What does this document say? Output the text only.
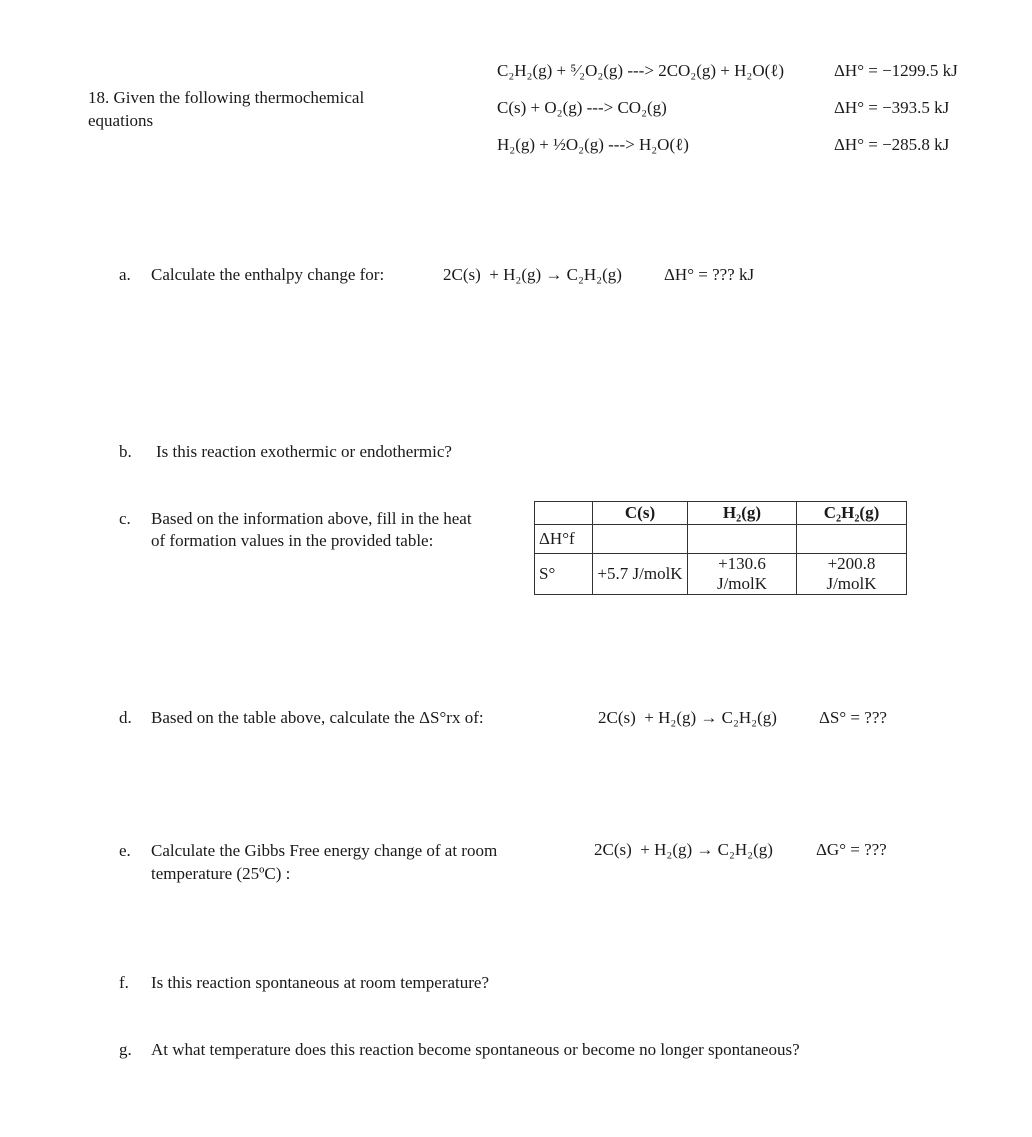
18. Given the following thermochemical equations
C₂H₂(g) + ⁵⁄₂O₂(g) ---> 2CO₂(g) + H₂O(ℓ)	ΔH° = −1299.5 kJ
C(s) + O₂(g) ---> CO₂(g)	ΔH° = −393.5 kJ
H₂(g) + ½O₂(g) ---> H₂O(ℓ)	ΔH° = −285.8 kJ
a. Calculate the enthalpy change for:	2C(s)  + H₂(g) → C₂H₂(g) ΔH° = ??? kJ
b. Is this reaction exothermic or endothermic?
c. Based on the information above, fill in the heat
of formation values in the provided table:
	C(s)	H₂(g)	C₂H₂(g)
ΔH°f			
S°	+5.7 J/molK	+130.6 J/molK	+200.8 J/molK
d. Based on the table above, calculate the ΔS°rx of:	2C(s)  + H₂(g) → C₂H₂(g) ΔS° = ???
e. Calculate the Gibbs Free energy change of at room
temperature (25ºC) :
2C(s)  + H₂(g) → C₂H₂(g)	ΔG° = ???
f. Is this reaction spontaneous at room temperature?
g. At what temperature does this reaction become spontaneous or become no longer spontaneous?
